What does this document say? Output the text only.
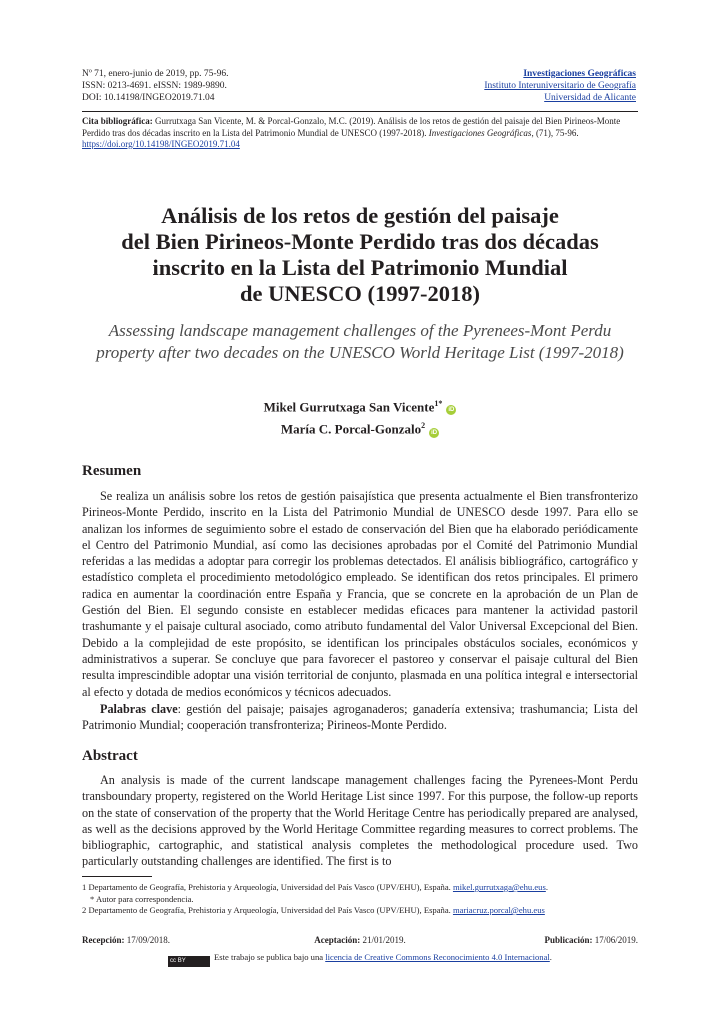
Nº 71, enero-junio de 2019, pp. 75-96.
ISSN: 0213-4691. eISSN: 1989-9890.
DOI: 10.14198/INGEO2019.71.04
Investigaciones Geográficas
Instituto Interuniversitario de Geografía
Universidad de Alicante
Cita bibliográfica: Gurrutxaga San Vicente, M. & Porcal-Gonzalo, M.C. (2019). Análisis de los retos de gestión del paisaje del Bien Pirineos-Monte Perdido tras dos décadas inscrito en la Lista del Patrimonio Mundial de UNESCO (1997-2018). Investigaciones Geográficas, (71), 75-96.
https://doi.org/10.14198/INGEO2019.71.04
Análisis de los retos de gestión del paisaje
del Bien Pirineos-Monte Perdido tras dos décadas
inscrito en la Lista del Patrimonio Mundial
de UNESCO (1997-2018)
Assessing landscape management challenges of the Pyrenees-Mont Perdu
property after two decades on the UNESCO World Heritage List (1997-2018)
Mikel Gurrutxaga San Vicente$^{1*}$iD
María C. Porcal-Gonzalo$^2$iD
Resumen
Se realiza un análisis sobre los retos de gestión paisajística que presenta actualmente el Bien transfronterizo Pirineos-Monte Perdido, inscrito en la Lista del Patrimonio Mundial de UNESCO desde 1997. Para ello se analizan los informes de seguimiento sobre el estado de conservación del Bien que ha elaborado periódicamente el Centro del Patrimonio Mundial, así como las decisiones aprobadas por el Comité del Patrimonio Mundial referidas a las medidas a adoptar para corregir los problemas detectados. El análisis bibliográfico, cartográfico y estadístico completa el procedimiento metodológico empleado. Se identifican dos retos principales. El primero radica en aumentar la coordinación entre España y Francia, que se concrete en la aprobación de un Plan de Gestión del Bien. El segundo consiste en establecer medidas eficaces para mantener la actividad pastoril trashumante y el paisaje cultural asociado, como atributo fundamental del Valor Universal Excepcional del Bien. Debido a la complejidad de este propósito, se identifican los principales obstáculos sociales, económicos y administrativos a superar. Se concluye que para favorecer el pastoreo y conservar el paisaje cultural del Bien resulta imprescindible adoptar una visión territorial de conjunto, plasmada en una política integral e intersectorial al efecto y dotada de medios económicos y técnicos adecuados.
Palabras clave: gestión del paisaje; paisajes agroganaderos; ganadería extensiva; trashumancia; Lista del Patrimonio Mundial; cooperación transfronteriza; Pirineos-Monte Perdido.
Abstract
An analysis is made of the current landscape management challenges facing the Pyrenees-Mont Perdu transboundary property, registered on the World Heritage List since 1997. For this purpose, the follow-up reports on the state of conservation of the property that the World Heritage Centre has periodically prepared are analysed, as well as the decisions approved by the World Heritage Committee regarding measures to correct problems. The bibliographic, cartographic, and statistical analysis completes the methodological procedure used. Two particularly outstanding challenges are identified. The first is to
1 Departamento de Geografía, Prehistoria y Arqueología, Universidad del País Vasco (UPV/EHU), España. mikel.gurrutxaga@ehu.eus.
* Autor para correspondencia.
2 Departamento de Geografía, Prehistoria y Arqueología, Universidad del País Vasco (UPV/EHU), España. mariacruz.porcal@ehu.eus
Recepción: 17/09/2018.	Aceptación: 21/01/2019.	Publicación: 17/06/2019.
cc BY	Este trabajo se publica bajo una licencia de Creative Commons Reconocimiento 4.0 Internacional.
